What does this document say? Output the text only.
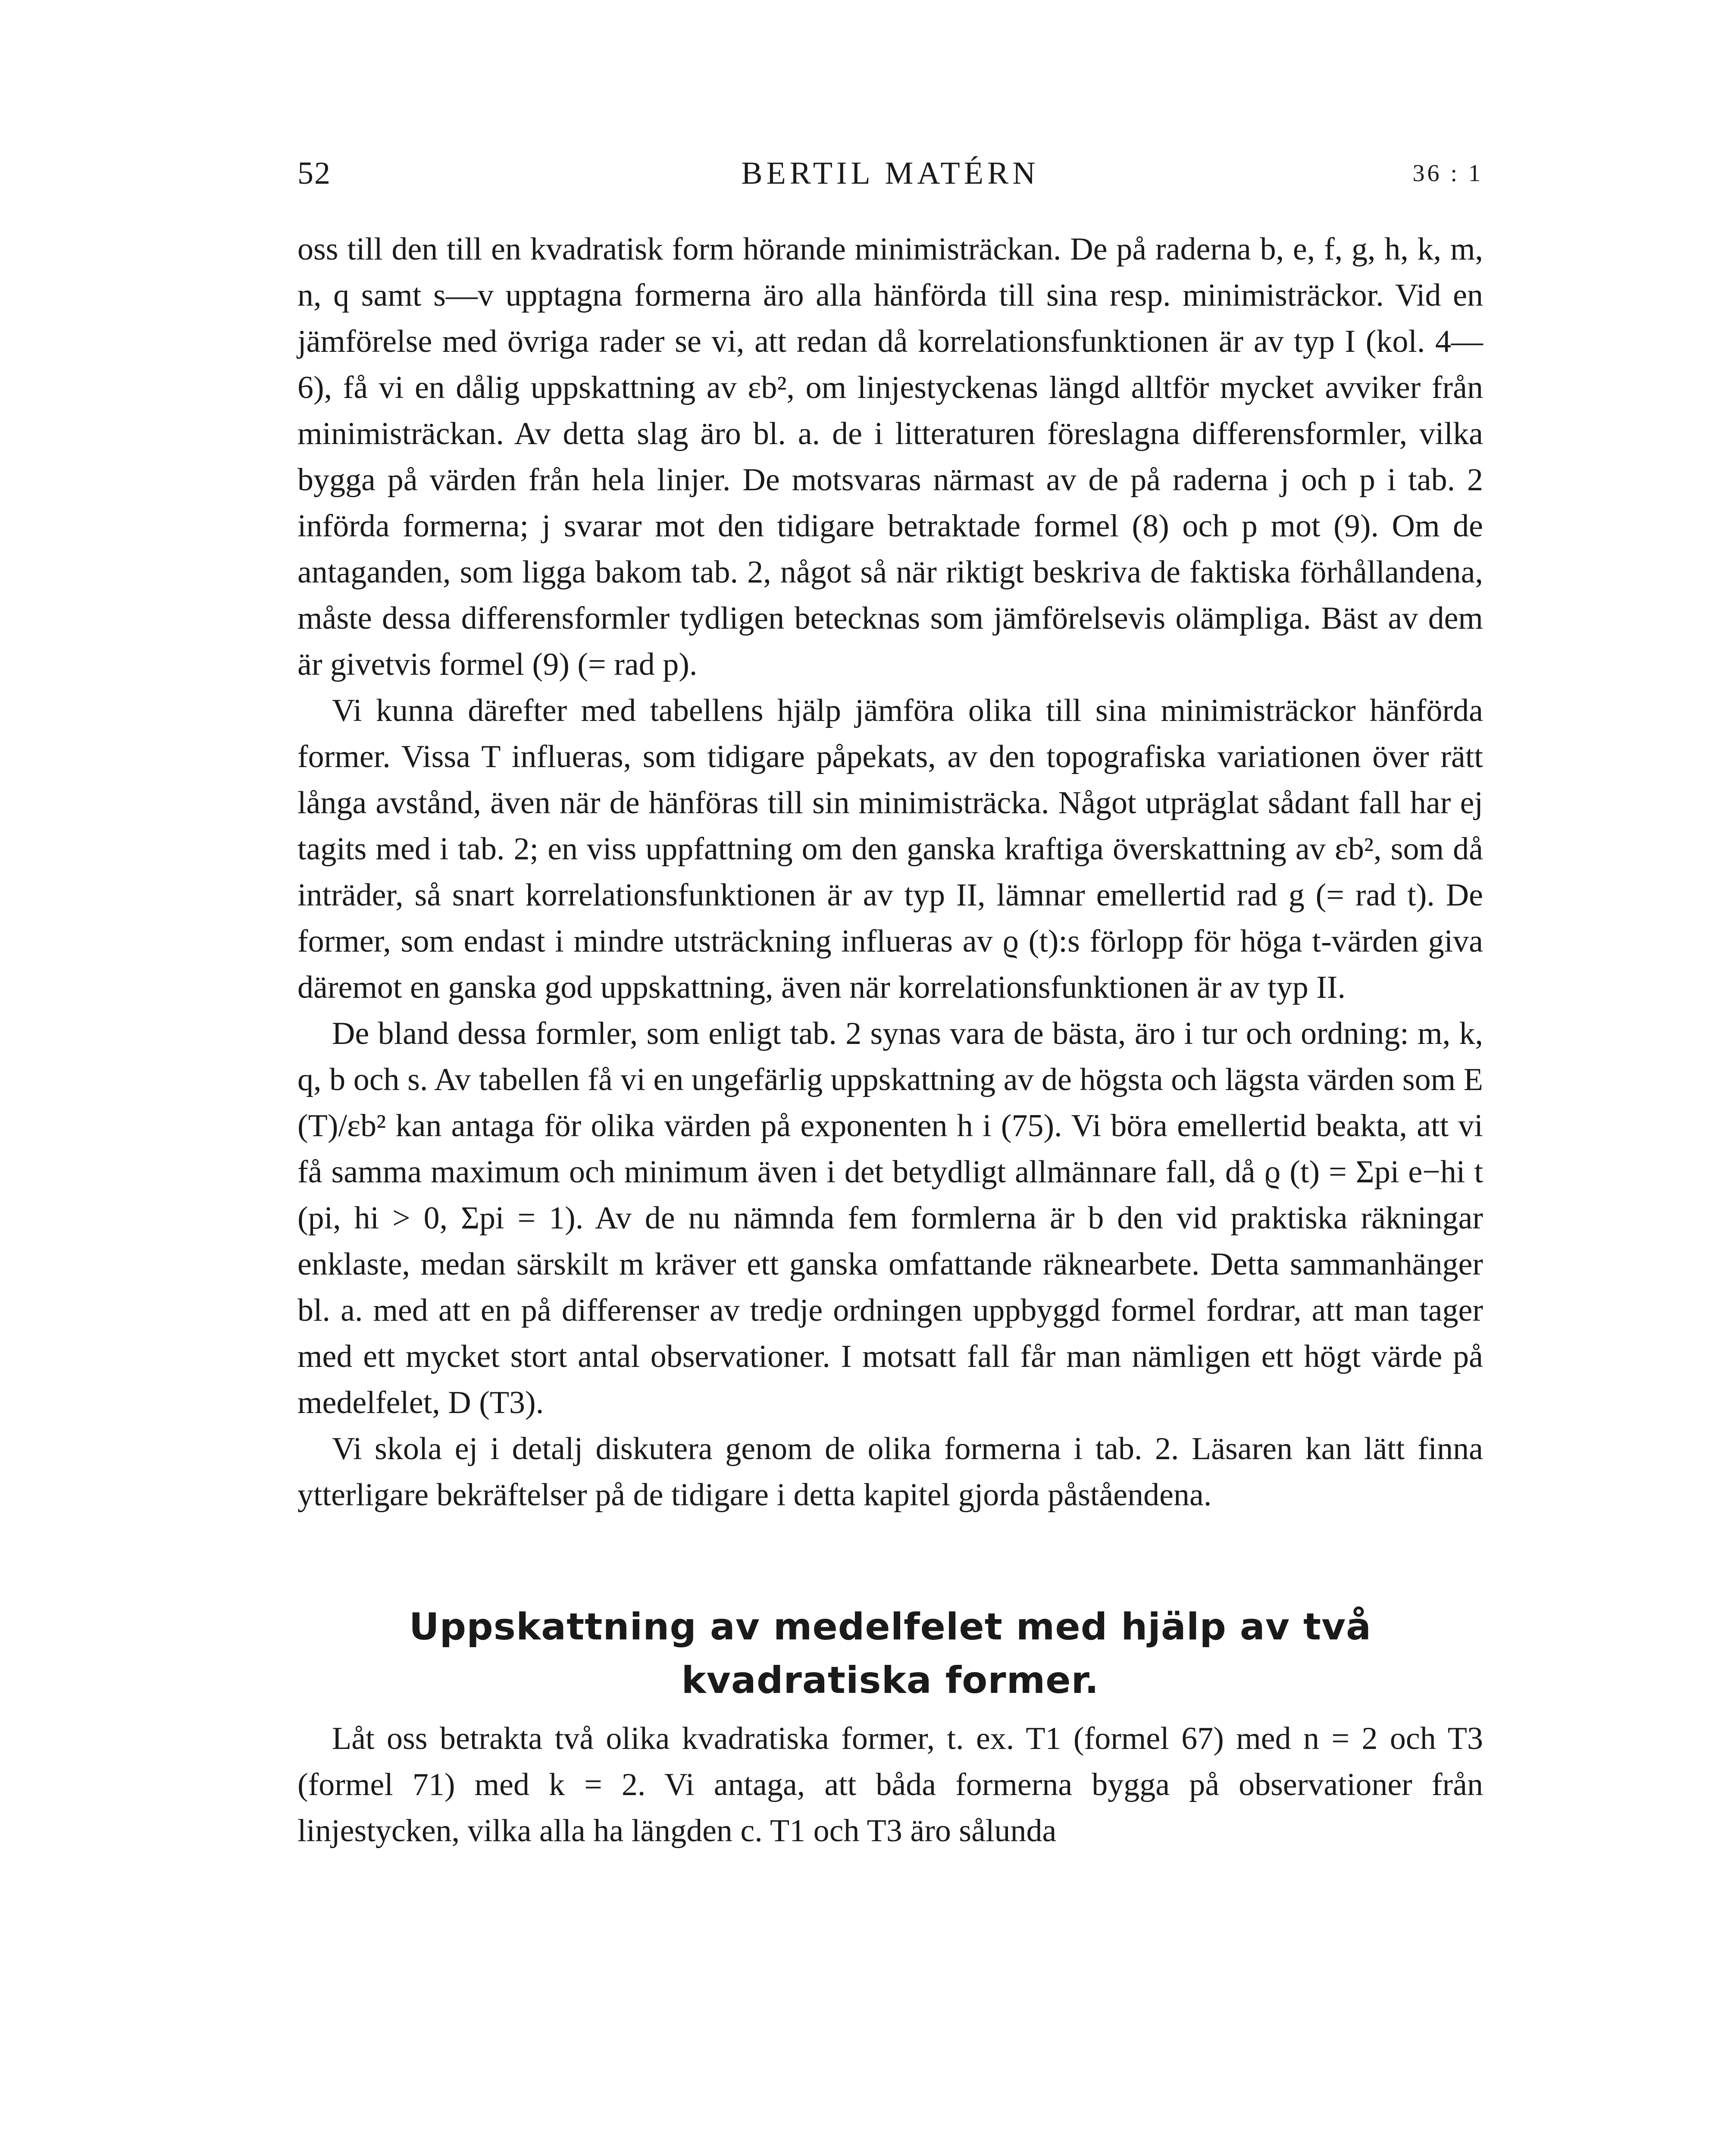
52	BERTIL MATÉRN	36 : 1

oss till den till en kvadratisk form hörande minimisträckan. De på raderna b, e, f, g, h, k, m, n, q samt s—v upptagna formerna äro alla hänförda till sina resp. minimisträckor. Vid en jämförelse med övriga rader se vi, att redan då korrelationsfunktionen är av typ I (kol. 4—6), få vi en dålig uppskattning av εb², om linjestyckenas längd alltför mycket avviker från minimisträckan. Av detta slag äro bl. a. de i litteraturen föreslagna differensformler, vilka bygga på värden från hela linjer. De motsvaras närmast av de på raderna j och p i tab. 2 införda formerna; j svarar mot den tidigare betraktade formel (8) och p mot (9). Om de antaganden, som ligga bakom tab. 2, något så när riktigt beskriva de faktiska förhållandena, måste dessa differensformler tydligen betecknas som jämförelsevis olämpliga. Bäst av dem är givetvis formel (9) (= rad p).

Vi kunna därefter med tabellens hjälp jämföra olika till sina minimisträckor hänförda former. Vissa T influeras, som tidigare påpekats, av den topografiska variationen över rätt långa avstånd, även när de hänföras till sin minimisträcka. Något utpräglat sådant fall har ej tagits med i tab. 2; en viss uppfattning om den ganska kraftiga överskattning av εb², som då inträder, så snart korrelationsfunktionen är av typ II, lämnar emellertid rad g (= rad t). De former, som endast i mindre utsträckning influeras av ϱ (t):s förlopp för höga t-värden giva däremot en ganska god uppskattning, även när korrelationsfunktionen är av typ II.

De bland dessa formler, som enligt tab. 2 synas vara de bästa, äro i tur och ordning: m, k, q, b och s. Av tabellen få vi en ungefärlig uppskattning av de högsta och lägsta värden som E (T)/εb² kan antaga för olika värden på exponenten h i (75). Vi böra emellertid beakta, att vi få samma maximum och minimum även i det betydligt allmännare fall, då ϱ (t) = Σpi e−hi t (pi, hi > 0, Σpi = 1). Av de nu nämnda fem formlerna är b den vid praktiska räkningar enklaste, medan särskilt m kräver ett ganska omfattande räknearbete. Detta sammanhänger bl. a. med att en på differenser av tredje ordningen uppbyggd formel fordrar, att man tager med ett mycket stort antal observationer. I motsatt fall får man nämligen ett högt värde på medelfelet, D (T3).

Vi skola ej i detalj diskutera genom de olika formerna i tab. 2. Läsaren kan lätt finna ytterligare bekräftelser på de tidigare i detta kapitel gjorda påståendena.

Uppskattning av medelfelet med hjälp av två kvadratiska former.

Låt oss betrakta två olika kvadratiska former, t. ex. T1 (formel 67) med n = 2 och T3 (formel 71) med k = 2. Vi antaga, att båda formerna bygga på observationer från linjestycken, vilka alla ha längden c. T1 och T3 äro sålunda
